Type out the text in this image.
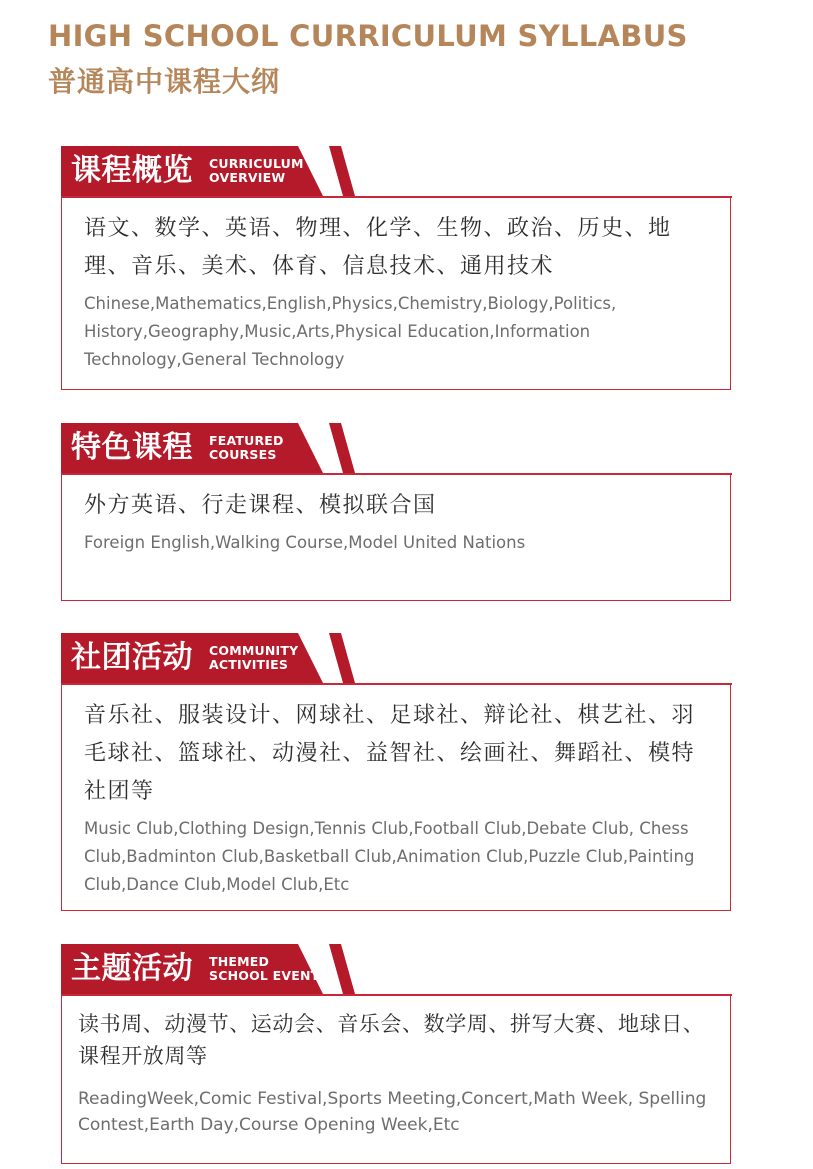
HIGH SCHOOL CURRICULUM SYLLABUS
普通高中课程大纲
课程概览 CURRICULUM
OVERVIEW
语文、数学、英语、物理、化学、生物、政治、历史、地理、音乐、美术、体育、信息技术、通用技术
Chinese,Mathematics,English,Physics,Chemistry,Biology,Politics, History,Geography,Music,Arts,Physical Education,Information Technology,General Technology
特色课程 FEATURED
COURSES
外方英语、行走课程、模拟联合国
Foreign English,Walking Course,Model United Nations
社团活动 COMMUNITY
ACTIVITIES
音乐社、服装设计、网球社、足球社、辩论社、棋艺社、羽毛球社、篮球社、动漫社、益智社、绘画社、舞蹈社、模特社团等
Music Club,Clothing Design,Tennis Club,Football Club,Debate Club, Chess Club,Badminton Club,Basketball Club,Animation Club,Puzzle Club,Painting Club,Dance Club,Model Club,Etc
主题活动 THEMED
SCHOOL EVENTS
读书周、动漫节、运动会、音乐会、数学周、拼写大赛、地球日、课程开放周等
ReadingWeek,Comic Festival,Sports Meeting,Concert,Math Week, Spelling Contest,Earth Day,Course Opening Week,Etc
